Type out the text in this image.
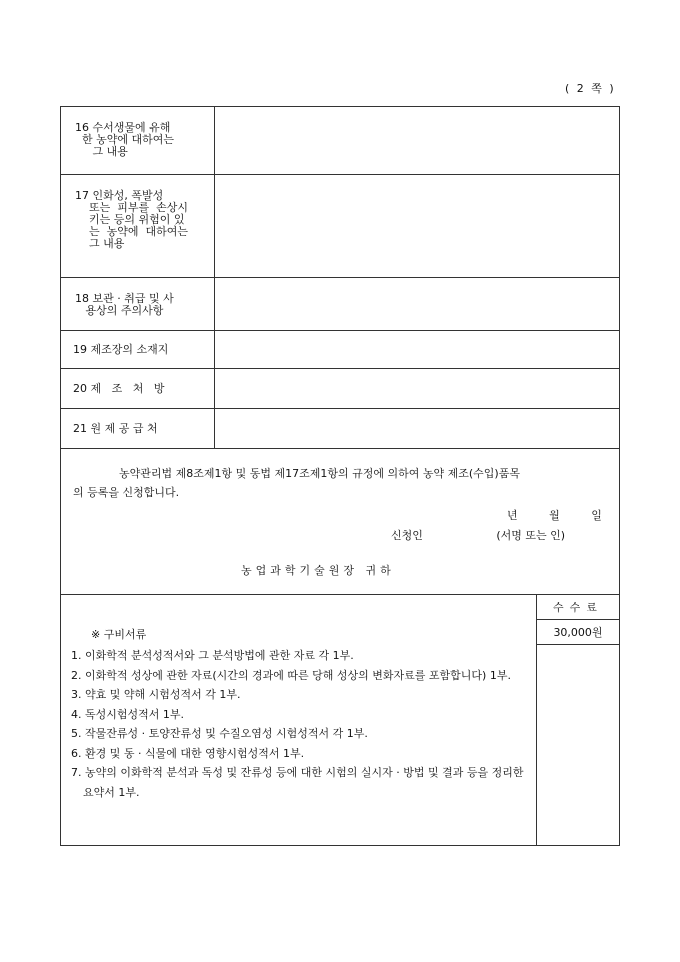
( 2 쪽 )
16 수서생물에 유해
한 농약에 대하여는
그 내용
17 인화성, 폭발성
또는  피부를  손상시
키는 등의 위험이 있
는  농약에  대하여는
그 내용
18 보관 · 취급 및 사
용상의 주의사항
19 제조장의 소재지
20 제   조   처   방
21 원 제 공 급 처
농약관리법 제8조제1항 및 동법 제17조제1항의 규정에 의하여 농약 제조(수입)품목
의 등록을 신청합니다.
년	월	일
신청인	(서명 또는 인)
농업과학기술원장 귀하
※ 구비서류
1. 이화학적 분석성적서와 그 분석방법에 관한 자료 각 1부.
2. 이화학적 성상에 관한 자료(시간의 경과에 따른 당해 성상의 변화자료를 포함합니다) 1부.
3. 약효 및 약해 시험성적서 각 1부.
4. 독성시험성적서 1부.
5. 작물잔류성 · 토양잔류성 및 수질오염성 시험성적서 각 1부.
6. 환경 및 동 · 식물에 대한 영향시험성적서 1부.
7. 농약의 이화학적 분석과 독성 및 잔류성 등에 대한 시험의 실시자 · 방법 및 결과 등을 정리한 요약서 1부.
수수료
30,000원
